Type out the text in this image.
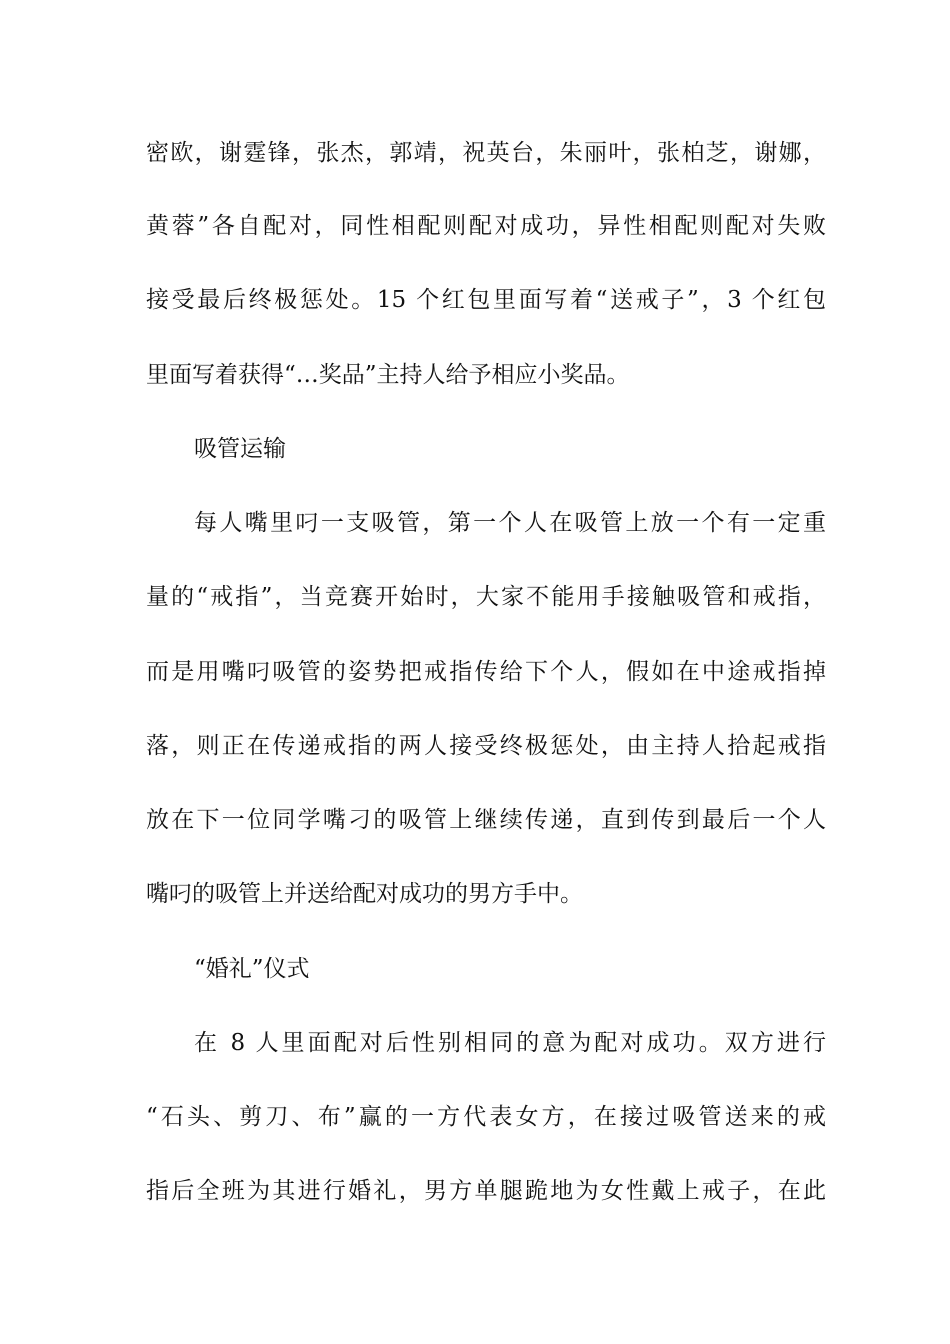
密欧，谢霆锋，张杰，郭靖，祝英台，朱丽叶，张柏芝，谢娜，
黄蓉”各自配对，同性相配则配对成功，异性相配则配对失败
接受最后终极惩处。15 个红包里面写着“送戒子”，3 个红包
里面写着获得“…奖品”主持人给予相应小奖品。
吸管运输
每人嘴里叼一支吸管，第一个人在吸管上放一个有一定重
量的“戒指”，当竞赛开始时，大家不能用手接触吸管和戒指，
而是用嘴叼吸管的姿势把戒指传给下个人，假如在中途戒指掉
落，则正在传递戒指的两人接受终极惩处，由主持人拾起戒指
放在下一位同学嘴刁的吸管上继续传递，直到传到最后一个人
嘴叼的吸管上并送给配对成功的男方手中。
“婚礼”仪式
在 8 人里面配对后性别相同的意为配对成功。双方进行
“石头、剪刀、布”赢的一方代表女方，在接过吸管送来的戒
指后全班为其进行婚礼，男方单腿跪地为女性戴上戒子，在此
